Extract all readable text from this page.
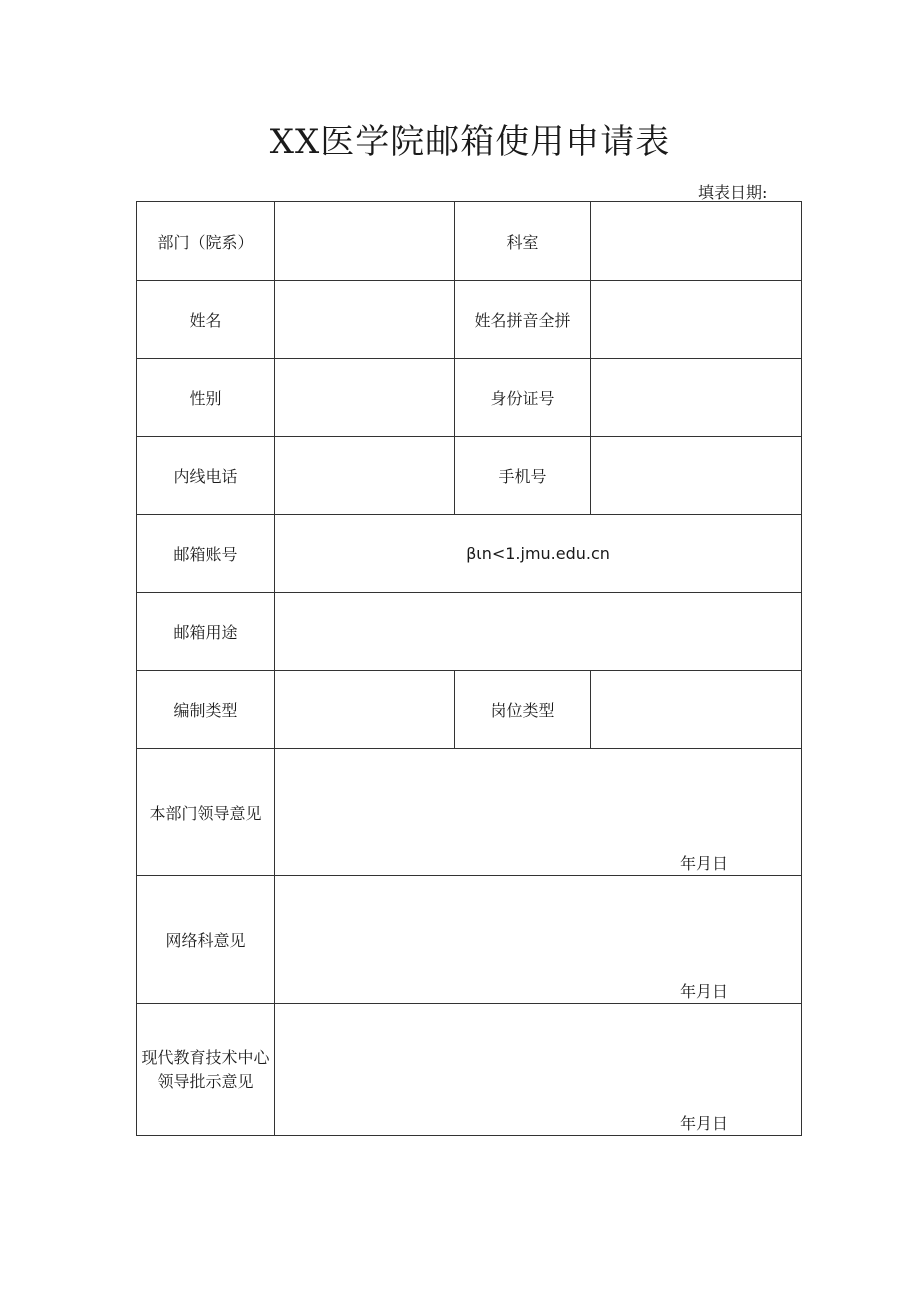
XX医学院邮箱使用申请表
填表日期:
部门（院系）		科室	
姓名		姓名拼音全拼	
性别		身份证号	
内线电话		手机号	
邮箱账号	βιn<1.jmu.edu.cn		
邮箱用途			
编制类型		岗位类型	
本部门领导意见	年月日		

网络科意见	年月日		

现代教育技术中心
领导批示意见	年月日		
